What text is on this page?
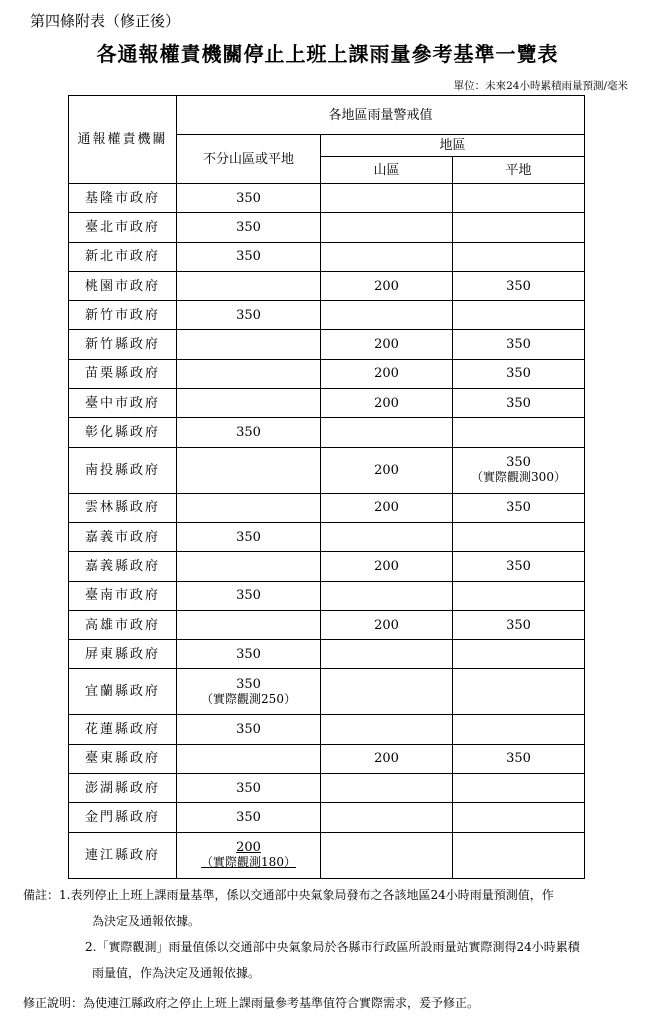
第四條附表（修正後）
各通報權責機關停止上班上課雨量參考基準一覽表
單位：未來24小時累積雨量預測/毫米
通報權責機關	各地區雨量警戒值		
	不分山區或平地	地區	
		山區	平地
基隆市政府	350		

臺北市政府	350		

新北市政府	350		

桃園市政府		200	350

新竹市政府	350		

新竹縣政府		200	350

苗栗縣政府		200	350

臺中市政府		200	350

彰化縣政府	350		

南投縣政府		200	350
（實際觀測300）

雲林縣政府		200	350

嘉義市政府	350		

嘉義縣政府		200	350

臺南市政府	350		

高雄市政府		200	350

屏東縣政府	350		

宜蘭縣政府	350
（實際觀測250）		

花蓮縣政府	350		

臺東縣政府		200	350

澎湖縣政府	350		

金門縣政府	350		

連江縣政府	200
（實際觀測180）		

備註：1.表列停止上班上課雨量基準，係以交通部中央氣象局發布之各該地區24小時雨量預測值，作
為決定及通報依據。
2.「實際觀測」雨量值係以交通部中央氣象局於各縣市行政區所設雨量站實際測得24小時累積
雨量值，作為決定及通報依據。
修正說明：為使連江縣政府之停止上班上課雨量參考基準值符合實際需求，爰予修正。
